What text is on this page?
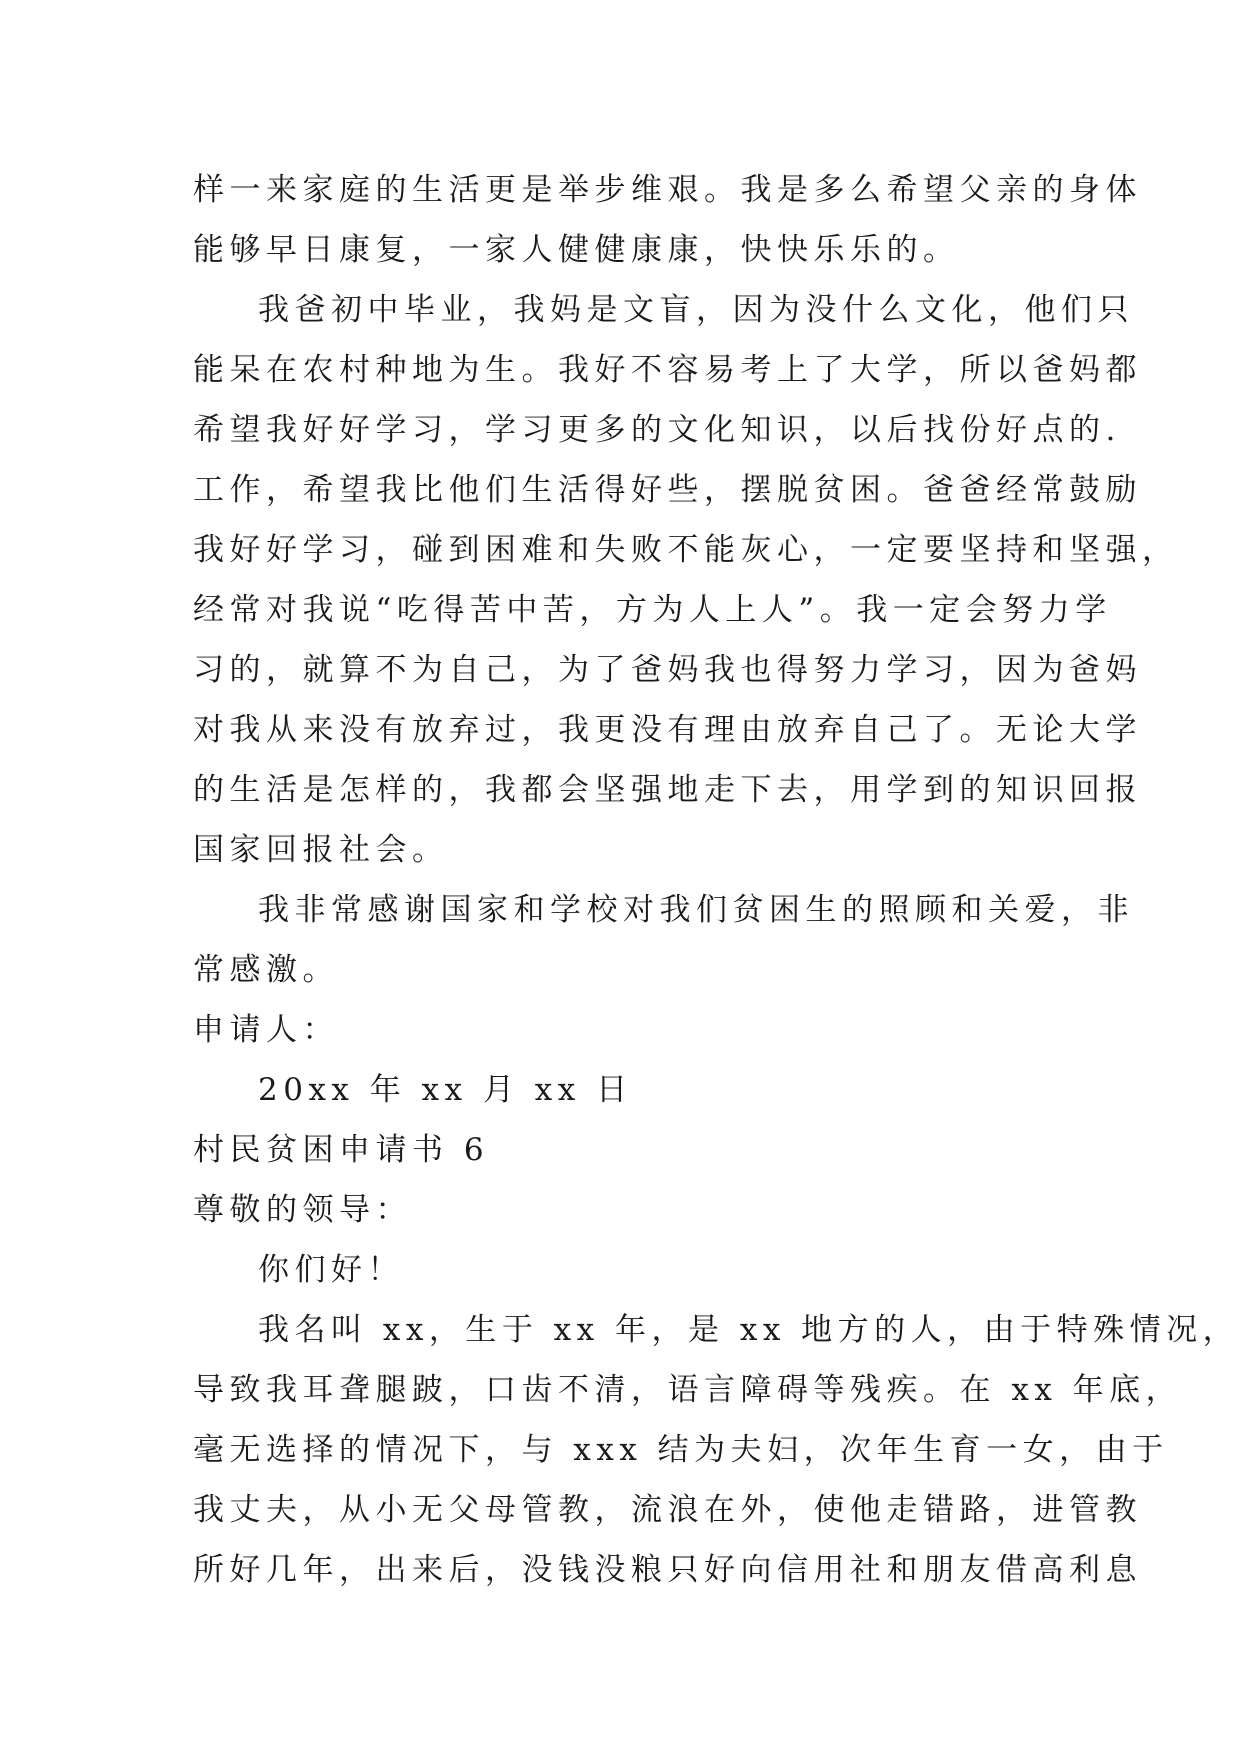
样一来家庭的生活更是举步维艰。我是多么希望父亲的身体

能够早日康复，一家人健健康康，快快乐乐的。

我爸初中毕业，我妈是文盲，因为没什么文化，他们只

能呆在农村种地为生。我好不容易考上了大学，所以爸妈都

希望我好好学习，学习更多的文化知识，以后找份好点的.

工作，希望我比他们生活得好些，摆脱贫困。爸爸经常鼓励

我好好学习，碰到困难和失败不能灰心，一定要坚持和坚强，

经常对我说“吃得苦中苦，方为人上人”。我一定会努力学

习的，就算不为自己，为了爸妈我也得努力学习，因为爸妈

对我从来没有放弃过，我更没有理由放弃自己了。无论大学

的生活是怎样的，我都会坚强地走下去，用学到的知识回报

国家回报社会。

我非常感谢国家和学校对我们贫困生的照顾和关爱，非

常感激。

申请人：

20xx 年 xx 月 xx 日

村民贫困申请书 6

尊敬的领导：

你们好！

我名叫 xx，生于 xx 年，是 xx 地方的人，由于特殊情况，

导致我耳聋腿跛，口齿不清，语言障碍等残疾。在 xx 年底，

毫无选择的情况下，与 xxx 结为夫妇，次年生育一女，由于

我丈夫，从小无父母管教，流浪在外，使他走错路，进管教

所好几年，出来后，没钱没粮只好向信用社和朋友借高利息
